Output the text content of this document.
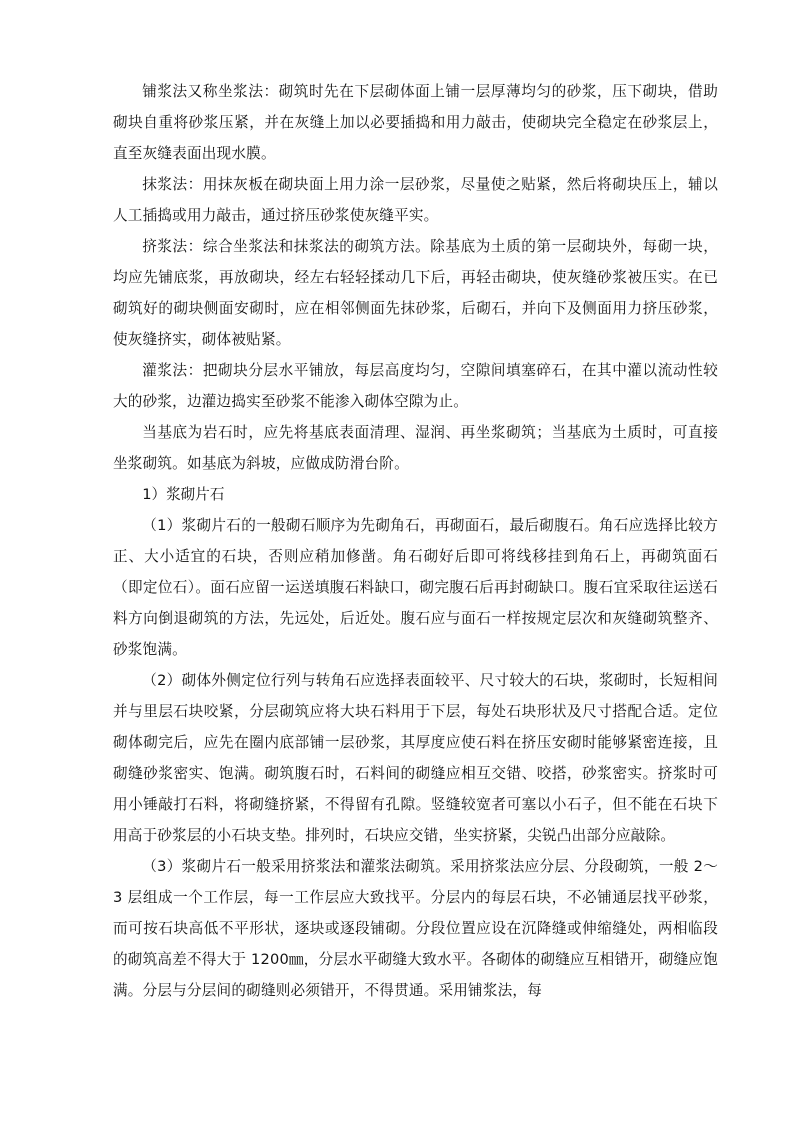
铺浆法又称坐浆法：砌筑时先在下层砌体面上铺一层厚薄均匀的砂浆，压下砌块，借助砌块自重将砂浆压紧，并在灰缝上加以必要插捣和用力敲击，使砌块完全稳定在砂浆层上，直至灰缝表面出现水膜。

抹浆法：用抹灰板在砌块面上用力涂一层砂浆，尽量使之贴紧，然后将砌块压上，辅以人工插捣或用力敲击，通过挤压砂浆使灰缝平实。

挤浆法：综合坐浆法和抹浆法的砌筑方法。除基底为土质的第一层砌块外，每砌一块，均应先铺底浆，再放砌块，经左右轻轻揉动几下后，再轻击砌块，使灰缝砂浆被压实。在已砌筑好的砌块侧面安砌时，应在相邻侧面先抹砂浆，后砌石，并向下及侧面用力挤压砂浆，使灰缝挤实，砌体被贴紧。

灌浆法：把砌块分层水平铺放，每层高度均匀，空隙间填塞碎石，在其中灌以流动性较大的砂浆，边灌边捣实至砂浆不能渗入砌体空隙为止。

当基底为岩石时，应先将基底表面清理、湿润、再坐浆砌筑；当基底为土质时，可直接坐浆砌筑。如基底为斜坡，应做成防滑台阶。

1）浆砌片石

（1）浆砌片石的一般砌石顺序为先砌角石，再砌面石，最后砌腹石。角石应选择比较方正、大小适宜的石块，否则应稍加修凿。角石砌好后即可将线移挂到角石上，再砌筑面石（即定位石）。面石应留一运送填腹石料缺口，砌完腹石后再封砌缺口。腹石宜采取往运送石料方向倒退砌筑的方法，先远处，后近处。腹石应与面石一样按规定层次和灰缝砌筑整齐、砂浆饱满。

（2）砌体外侧定位行列与转角石应选择表面较平、尺寸较大的石块，浆砌时，长短相间并与里层石块咬紧，分层砌筑应将大块石料用于下层，每处石块形状及尺寸搭配合适。定位砌体砌完后，应先在圈内底部铺一层砂浆，其厚度应使石料在挤压安砌时能够紧密连接，且砌缝砂浆密实、饱满。砌筑腹石时，石料间的砌缝应相互交错、咬搭，砂浆密实。挤浆时可用小锤敲打石料，将砌缝挤紧，不得留有孔隙。竖缝较宽者可塞以小石子，但不能在石块下用高于砂浆层的小石块支垫。排列时，石块应交错，坐实挤紧，尖锐凸出部分应敲除。

（3）浆砌片石一般采用挤浆法和灌浆法砌筑。采用挤浆法应分层、分段砌筑，一般 2～3 层组成一个工作层，每一工作层应大致找平。分层内的每层石块，不必铺通层找平砂浆，而可按石块高低不平形状，逐块或逐段铺砌。分段位置应设在沉降缝或伸缩缝处，两相临段的砌筑高差不得大于 1200㎜，分层水平砌缝大致水平。各砌体的砌缝应互相错开，砌缝应饱满。分层与分层间的砌缝则必须错开，不得贯通。采用铺浆法，每
